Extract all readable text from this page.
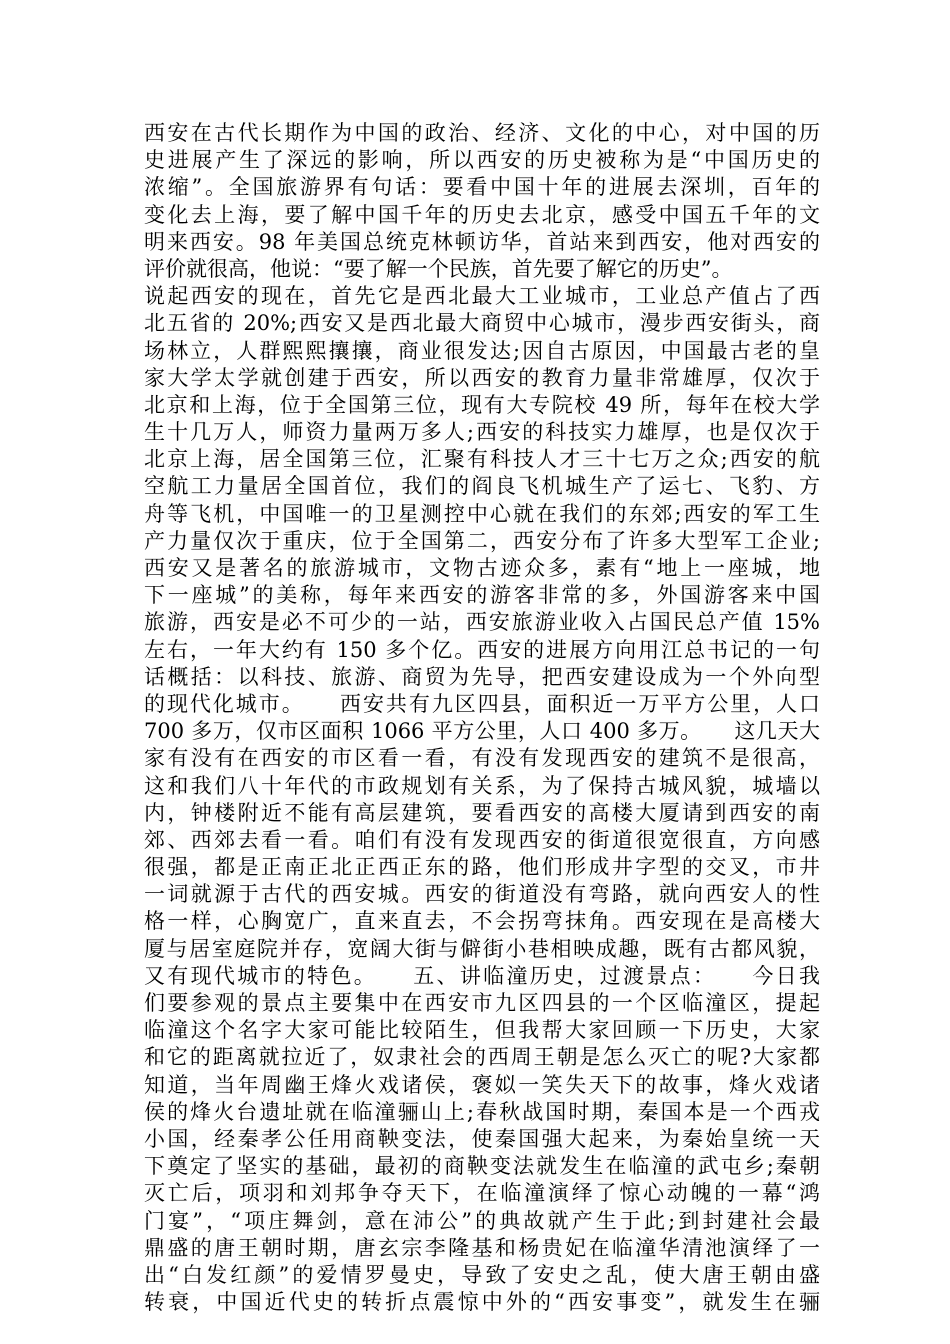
西安在古代长期作为中国的政治、经济、文化的中心，对中国的历
史进展产生了深远的影响，所以西安的历史被称为是“中国历史的
浓缩”。全国旅游界有句话：要看中国十年的进展去深圳，百年的
变化去上海，要了解中国千年的历史去北京，感受中国五千年的文
明来西安。98 年美国总统克林顿访华，首站来到西安，他对西安的
评价就很高，他说：“要了解一个民族，首先要了解它的历史”。
说起西安的现在，首先它是西北最大工业城市，工业总产值占了西
北五省的 20%;西安又是西北最大商贸中心城市，漫步西安街头，商
场林立，人群熙熙攘攘，商业很发达;因自古原因，中国最古老的皇
家大学太学就创建于西安，所以西安的教育力量非常雄厚，仅次于
北京和上海，位于全国第三位，现有大专院校 49 所，每年在校大学
生十几万人，师资力量两万多人;西安的科技实力雄厚，也是仅次于
北京上海，居全国第三位，汇聚有科技人才三十七万之众;西安的航
空航工力量居全国首位，我们的阎良飞机城生产了运七、飞豹、方
舟等飞机，中国唯一的卫星测控中心就在我们的东郊;西安的军工生
产力量仅次于重庆，位于全国第二，西安分布了许多大型军工企业;
西安又是著名的旅游城市，文物古迹众多，素有“地上一座城，地
下一座城”的美称，每年来西安的游客非常的多，外国游客来中国
旅游，西安是必不可少的一站，西安旅游业收入占国民总产值 15%
左右，一年大约有 150 多个亿。西安的进展方向用江总书记的一句
话概括：以科技、旅游、商贸为先导，把西安建设成为一个外向型
的现代化城市。　　西安共有九区四县，面积近一万平方公里，人口
700 多万，仅市区面积 1066 平方公里，人口 400 多万。　　这几天大
家有没有在西安的市区看一看，有没有发现西安的建筑不是很高，
这和我们八十年代的市政规划有关系，为了保持古城风貌，城墙以
内，钟楼附近不能有高层建筑，要看西安的高楼大厦请到西安的南
郊、西郊去看一看。咱们有没有发现西安的街道很宽很直，方向感
很强，都是正南正北正西正东的路，他们形成井字型的交叉，市井
一词就源于古代的西安城。西安的街道没有弯路，就向西安人的性
格一样，心胸宽广，直来直去，不会拐弯抹角。西安现在是高楼大
厦与居室庭院并存，宽阔大街与僻街小巷相映成趣，既有古都风貌，
又有现代城市的特色。　　五、讲临潼历史，过渡景点：　　今日我
们要参观的景点主要集中在西安市九区四县的一个区临潼区，提起
临潼这个名字大家可能比较陌生，但我帮大家回顾一下历史，大家
和它的距离就拉近了，奴隶社会的西周王朝是怎么灭亡的呢?大家都
知道，当年周幽王烽火戏诸侯，褒姒一笑失天下的故事，烽火戏诸
侯的烽火台遗址就在临潼骊山上;春秋战国时期，秦国本是一个西戎
小国，经秦孝公任用商鞅变法，使秦国强大起来，为秦始皇统一天
下奠定了坚实的基础，最初的商鞅变法就发生在临潼的武屯乡;秦朝
灭亡后，项羽和刘邦争夺天下，在临潼演绎了惊心动魄的一幕“鸿
门宴”，“项庄舞剑，意在沛公”的典故就产生于此;到封建社会最
鼎盛的唐王朝时期，唐玄宗李隆基和杨贵妃在临潼华清池演绎了一
出“白发红颜”的爱情罗曼史，导致了安史之乱，使大唐王朝由盛
转衰，中国近代史的转折点震惊中外的“西安事变”，就发生在骊
